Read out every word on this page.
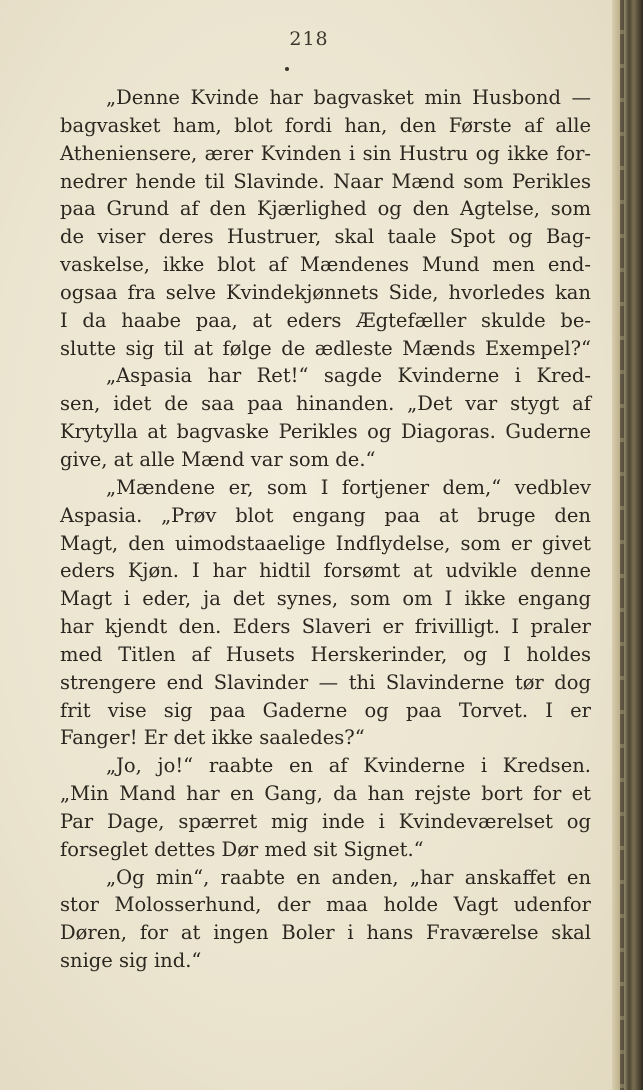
218
„Denne Kvinde har bagvasket min Husbond —
bagvasket ham, blot fordi han, den Første af alle
Atheniensere, ærer Kvinden i sin Hustru og ikke for-
nedrer hende til Slavinde. Naar Mænd som Perikles
paa Grund af den Kjærlighed og den Agtelse, som
de viser deres Hustruer, skal taale Spot og Bag-
vaskelse, ikke blot af Mændenes Mund men end-
ogsaa fra selve Kvindekjønnets Side, hvorledes kan
I da haabe paa, at eders Ægtefæller skulde be-
slutte sig til at følge de ædleste Mænds Exempel?“
„Aspasia har Ret!“ sagde Kvinderne i Kred-
sen, idet de saa paa hinanden. „Det var stygt af
Krytylla at bagvaske Perikles og Diagoras. Guderne
give, at alle Mænd var som de.“
„Mændene er, som I fortjener dem,“ vedblev
Aspasia. „Prøv blot engang paa at bruge den
Magt, den uimodstaaelige Indflydelse, som er givet
eders Kjøn. I har hidtil forsømt at udvikle denne
Magt i eder, ja det synes, som om I ikke engang
har kjendt den. Eders Slaveri er frivilligt. I praler
med Titlen af Husets Herskerinder, og I holdes
strengere end Slavinder — thi Slavinderne tør dog
frit vise sig paa Gaderne og paa Torvet. I er
Fanger! Er det ikke saaledes?“
„Jo, jo!“ raabte en af Kvinderne i Kredsen.
„Min Mand har en Gang, da han rejste bort for et
Par Dage, spærret mig inde i Kvindeværelset og
forseglet dettes Dør med sit Signet.“
„Og min“, raabte en anden, „har anskaffet en
stor Molosserhund, der maa holde Vagt udenfor
Døren, for at ingen Boler i hans Fraværelse skal
snige sig ind.“
